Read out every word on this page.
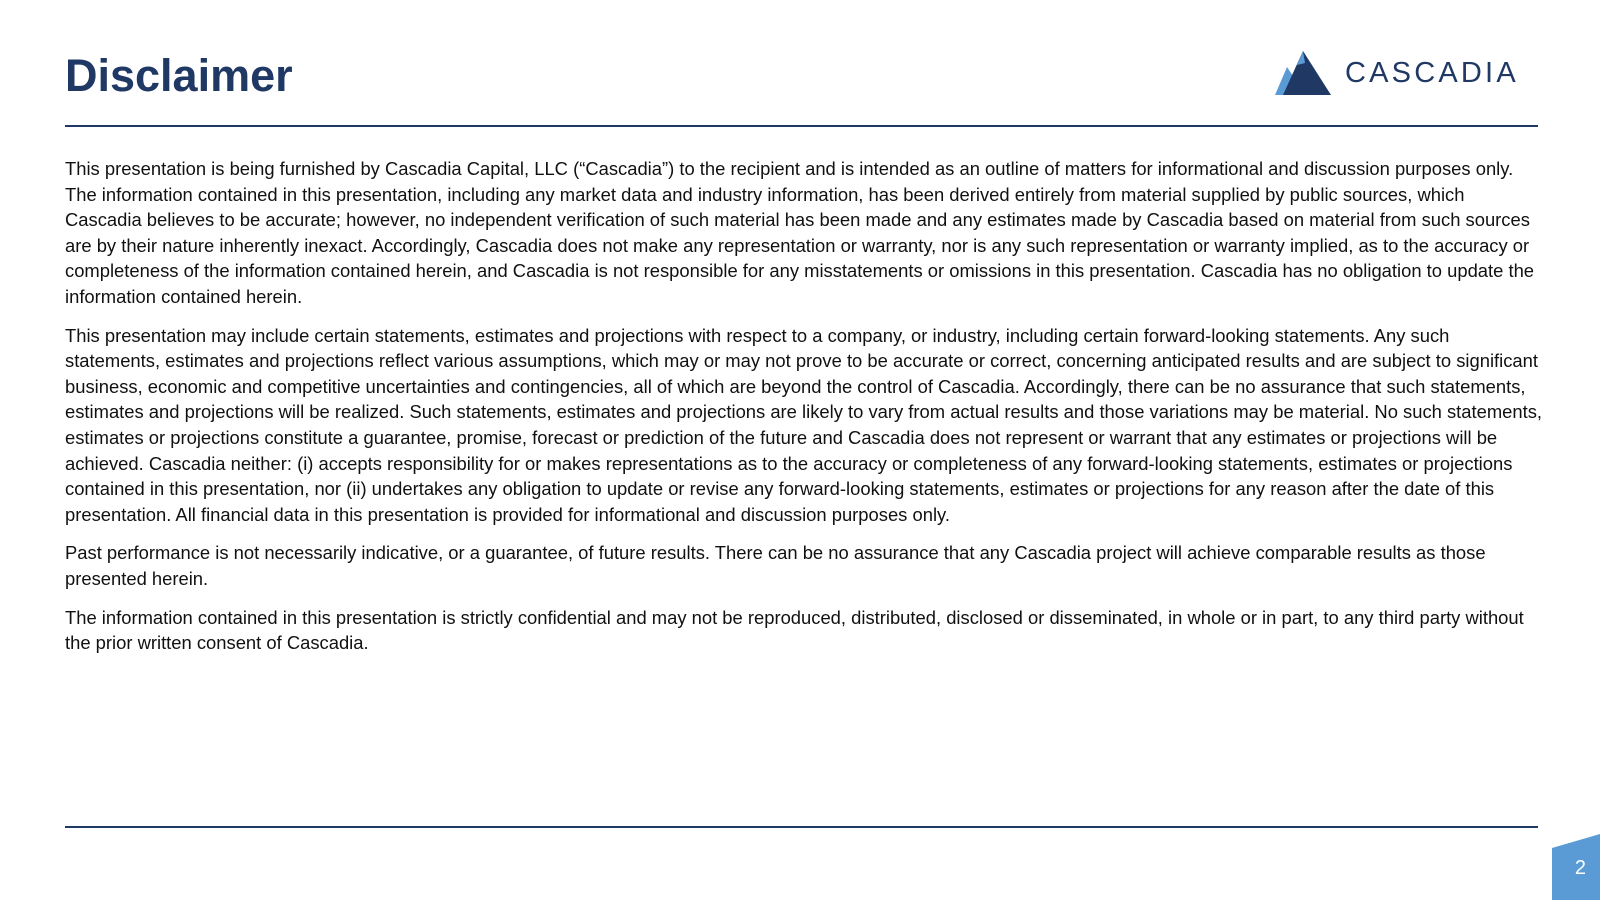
Disclaimer	CASCADIA

This presentation is being furnished by Cascadia Capital, LLC (“Cascadia”) to the recipient and is intended as an outline of matters for informational and discussion purposes only. The information contained in this presentation, including any market data and industry information, has been derived entirely from material supplied by public sources, which Cascadia believes to be accurate; however, no independent verification of such material has been made and any estimates made by Cascadia based on material from such sources are by their nature inherently inexact. Accordingly, Cascadia does not make any representation or warranty, nor is any such representation or warranty implied, as to the accuracy or completeness of the information contained herein, and Cascadia is not responsible for any misstatements or omissions in this presentation. Cascadia has no obligation to update the information contained herein.

This presentation may include certain statements, estimates and projections with respect to a company, or industry, including certain forward-looking statements. Any such statements, estimates and projections reflect various assumptions, which may or may not prove to be accurate or correct, concerning anticipated results and are subject to significant business, economic and competitive uncertainties and contingencies, all of which are beyond the control of Cascadia. Accordingly, there can be no assurance that such statements, estimates and projections will be realized. Such statements, estimates and projections are likely to vary from actual results and those variations may be material. No such statements, estimates or projections constitute a guarantee, promise, forecast or prediction of the future and Cascadia does not represent or warrant that any estimates or projections will be achieved. Cascadia neither: (i) accepts responsibility for or makes representations as to the accuracy or completeness of any forward-looking statements, estimates or projections contained in this presentation, nor (ii) undertakes any obligation to update or revise any forward-looking statements, estimates or projections for any reason after the date of this presentation. All financial data in this presentation is provided for informational and discussion purposes only.

Past performance is not necessarily indicative, or a guarantee, of future results. There can be no assurance that any Cascadia project will achieve comparable results as those presented herein.

The information contained in this presentation is strictly confidential and may not be reproduced, distributed, disclosed or disseminated, in whole or in part, to any third party without the prior written consent of Cascadia.

2
